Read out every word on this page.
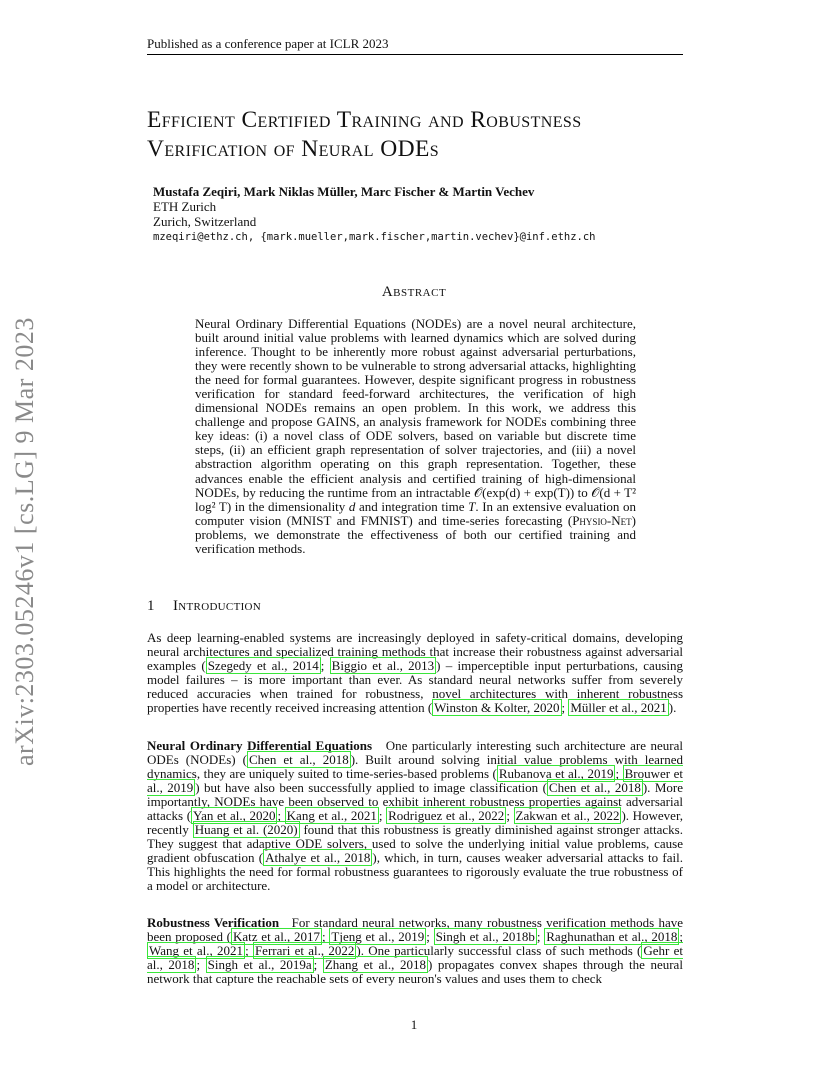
Published as a conference paper at ICLR 2023
arXiv:2303.05246v1 [cs.LG] 9 Mar 2023
Efficient Certified Training and Robustness
Verification of Neural ODEs
Mustafa Zeqiri, Mark Niklas Müller, Marc Fischer & Martin Vechev
ETH Zurich
Zurich, Switzerland
mzeqiri@ethz.ch, {mark.mueller,mark.fischer,martin.vechev}@inf.ethz.ch
Abstract
Neural Ordinary Differential Equations (NODEs) are a novel neural architecture, built around initial value problems with learned dynamics which are solved during inference. Thought to be inherently more robust against adversarial perturbations, they were recently shown to be vulnerable to strong adversarial attacks, highlighting the need for formal guarantees. However, despite significant progress in robustness verification for standard feed-forward architectures, the verification of high dimensional NODEs remains an open problem. In this work, we address this challenge and propose GAINS, an analysis framework for NODEs combining three key ideas: (i) a novel class of ODE solvers, based on variable but discrete time steps, (ii) an efficient graph representation of solver trajectories, and (iii) a novel abstraction algorithm operating on this graph representation. Together, these advances enable the efficient analysis and certified training of high-dimensional NODEs, by reducing the runtime from an intractable 𝒪(exp(d) + exp(T)) to 𝒪(d + T² log² T) in the dimensionality d and integration time T. In an extensive evaluation on computer vision (MNIST and FMNIST) and time-series forecasting (Physio-Net) problems, we demonstrate the effectiveness of both our certified training and verification methods.
1 Introduction
As deep learning-enabled systems are increasingly deployed in safety-critical domains, developing neural architectures and specialized training methods that increase their robustness against adversarial examples ( Szegedy et al., 2014 ; Biggio et al., 2013 ) – imperceptible input perturbations, causing model failures – is more important than ever. As standard neural networks suffer from severely reduced accuracies when trained for robustness, novel architectures with inherent robustness properties have recently received increasing attention ( Winston & Kolter, 2020 ; Müller et al., 2021 ).
Neural Ordinary Differential Equations One particularly interesting such architecture are neural ODEs (NODEs) ( Chen et al., 2018 ). Built around solving initial value problems with learned dynamics, they are uniquely suited to time-series-based problems ( Rubanova et al., 2019 ; Brouwer et al., 2019 ) but have also been successfully applied to image classification ( Chen et al., 2018 ). More importantly, NODEs have been observed to exhibit inherent robustness properties against adversarial attacks ( Yan et al., 2020 ; Kang et al., 2021 ; Rodriguez et al., 2022 ; Zakwan et al., 2022 ). However, recently Huang et al. (2020) found that this robustness is greatly diminished against stronger attacks. They suggest that adaptive ODE solvers, used to solve the underlying initial value problems, cause gradient obfuscation ( Athalye et al., 2018 ), which, in turn, causes weaker adversarial attacks to fail. This highlights the need for formal robustness guarantees to rigorously evaluate the true robustness of a model or architecture.
Robustness Verification For standard neural networks, many robustness verification methods have been proposed ( Katz et al., 2017 ; Tjeng et al., 2019 ; Singh et al., 2018b ; Raghunathan et al., 2018 ; Wang et al., 2021 ; Ferrari et al., 2022 ). One particularly successful class of such methods ( Gehr et al., 2018 ; Singh et al., 2019a ; Zhang et al., 2018 ) propagates convex shapes through the neural network that capture the reachable sets of every neuron's values and uses them to check
1
